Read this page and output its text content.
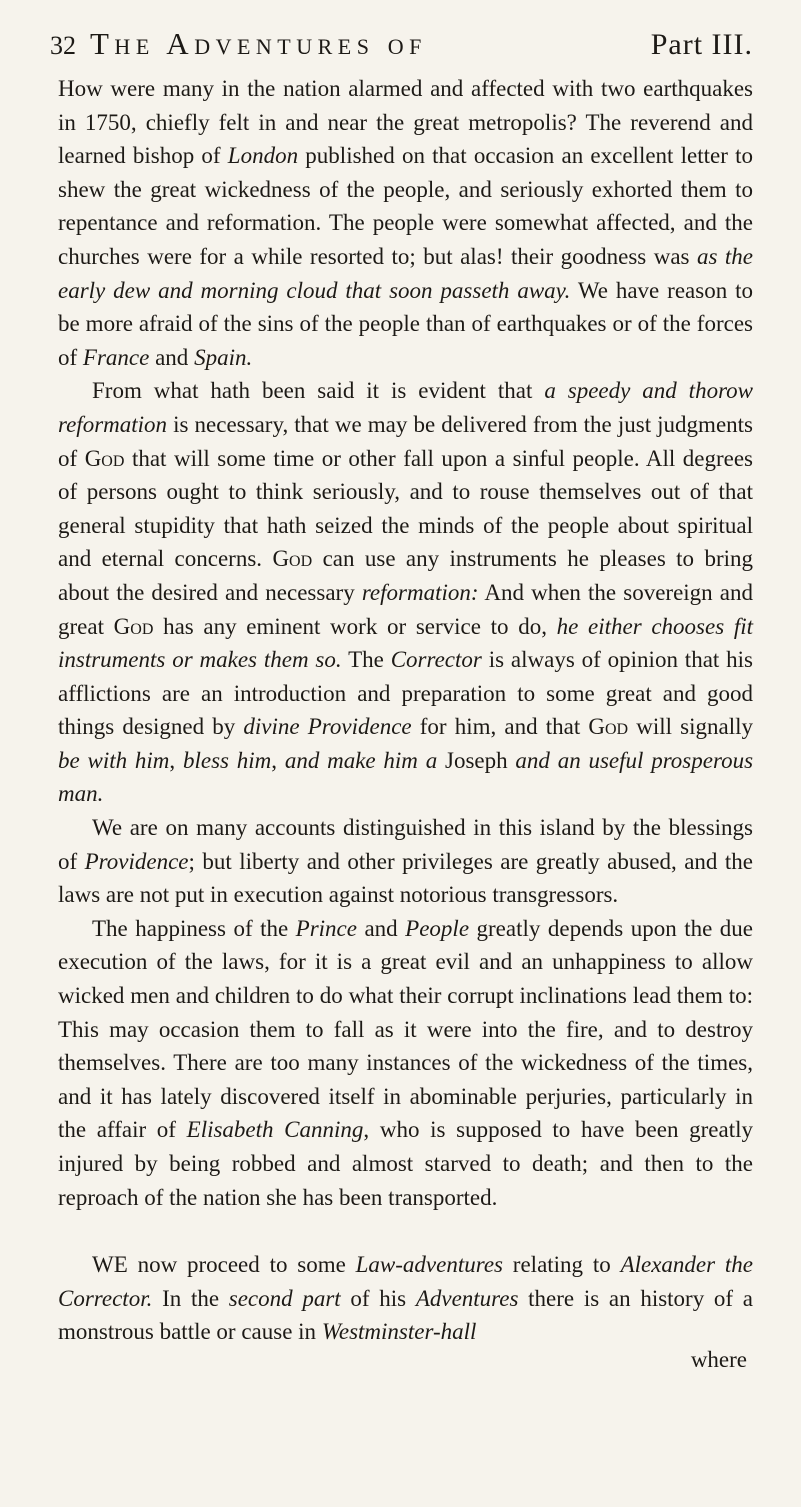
32 The Adventures of	Part III.

How were many in the nation alarmed and affected with two earthquakes in 1750, chiefly felt in and near the great metropolis? The reverend and learned bishop of London published on that occasion an excellent letter to shew the great wickedness of the people, and seriously exhorted them to repentance and reformation. The people were somewhat affected, and the churches were for a while resorted to; but alas! their goodness was as the early dew and morning cloud that soon passeth away. We have reason to be more afraid of the sins of the people than of earthquakes or of the forces of France and Spain.

From what hath been said it is evident that a speedy and thorow reformation is necessary, that we may be delivered from the just judgments of God that will some time or other fall upon a sinful people. All degrees of persons ought to think seriously, and to rouse themselves out of that general stupidity that hath seized the minds of the people about spiritual and eternal concerns. God can use any instruments he pleases to bring about the desired and necessary reformation: And when the sovereign and great God has any eminent work or service to do, he either chooses fit instruments or makes them so. The Corrector is always of opinion that his afflictions are an introduction and preparation to some great and good things designed by divine Providence for him, and that God will signally be with him, bless him, and make him a Joseph and an useful prosperous man.

We are on many accounts distinguished in this island by the blessings of Providence; but liberty and other privileges are greatly abused, and the laws are not put in execution against notorious transgressors.

The happiness of the Prince and People greatly depends upon the due execution of the laws, for it is a great evil and an unhappiness to allow wicked men and children to do what their corrupt inclinations lead them to: This may occasion them to fall as it were into the fire, and to destroy themselves. There are too many instances of the wickedness of the times, and it has lately discovered itself in abominable perjuries, particularly in the affair of Elisabeth Canning, who is supposed to have been greatly injured by being robbed and almost starved to death; and then to the reproach of the nation she has been transported.

WE now proceed to some Law-adventures relating to Alexander the Corrector. In the second part of his Adventures there is an history of a monstrous battle or cause in Westminster-hall

where
